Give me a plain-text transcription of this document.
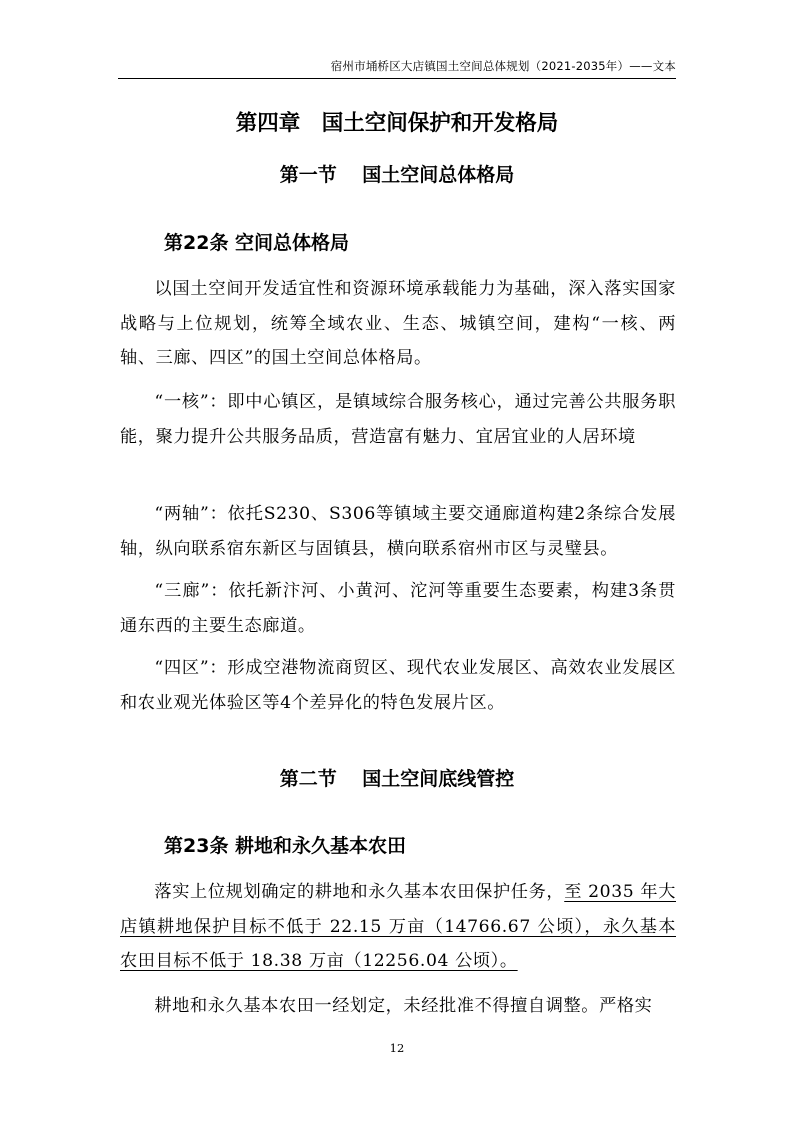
宿州市埇桥区大店镇国土空间总体规划（2021-2035年）——文本
第四章　国土空间保护和开发格局
第一节　 国土空间总体格局
第22条 空间总体格局

以国土空间开发适宜性和资源环境承载能力为基础，深入落实国家战略与上位规划，统筹全域农业、生态、城镇空间，建构“一核、两轴、三廊、四区”的国土空间总体格局。

“一核”：即中心镇区，是镇域综合服务核心，通过完善公共服务职能，聚力提升公共服务品质，营造富有魅力、宜居宜业的人居环境

“两轴”：依托S230、S306等镇域主要交通廊道构建2条综合发展轴，纵向联系宿东新区与固镇县，横向联系宿州市区与灵璧县。

“三廊”：依托新汴河、小黄河、沱河等重要生态要素，构建3条贯通东西的主要生态廊道。

“四区”：形成空港物流商贸区、现代农业发展区、高效农业发展区和农业观光体验区等4个差异化的特色发展片区。

第二节　 国土空间底线管控
第23条 耕地和永久基本农田

落实上位规划确定的耕地和永久基本农田保护任务，至 2035 年大店镇耕地保护目标不低于 22.15 万亩（14766.67 公顷），永久基本农田目标不低于 18.38 万亩（12256.04 公顷）。

耕地和永久基本农田一经划定，未经批准不得擅自调整。严格实

12
